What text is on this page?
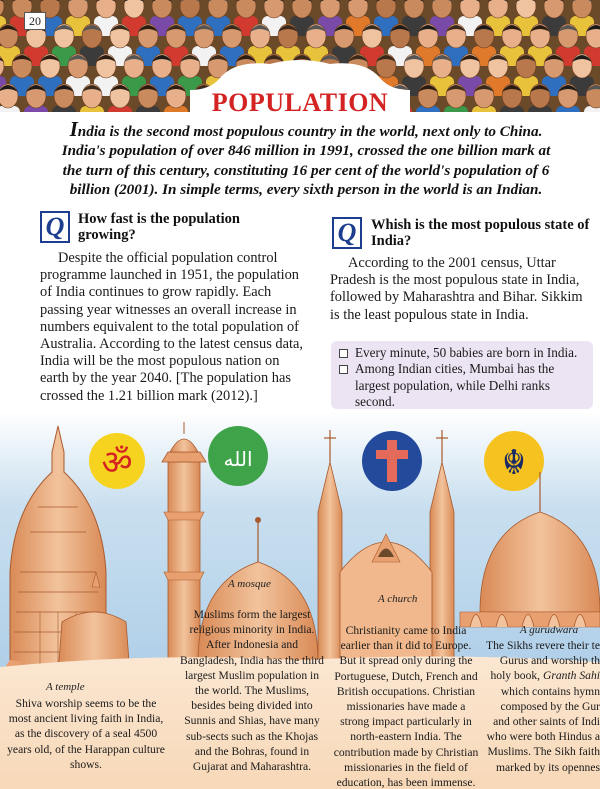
20
POPULATION
India is the second most populous country in the world, next only to China. India's population of over 846 million in 1991, crossed the one billion mark at the turn of this century, constituting 16 per cent of the world's population of 6 billion (2001). In simple terms, every sixth person in the world is an Indian.
Q How fast is the population growing?

Despite the official population control programme launched in 1951, the population of India continues to grow rapidly. Each passing year witnesses an overall increase in numbers equivalent to the total population of Australia. According to the latest census data, India will be the most populous nation on earth by the year 2040. [The population has crossed the 1.21 billion mark (2012).]

Q	Whish is the most populous state of India?

According to the 2001 census, Uttar Pradesh is the most populous state in India, followed by Maharashtra and Bihar. Sikkim is the least populous state in India.

Every minute, 50 babies are born in India.
Among Indian cities, Mumbai has the largest population, while Delhi ranks second.
ॐ	الله	☬
A temple
A mosque
A church
A gurudwara
Shiva worship seems to be the most ancient living faith in India, as the discovery of a seal 4500 years old, of the Harappan culture shows.
Muslims form the largest religious minority in India. After Indonesia and Bangladesh, India has the third largest Muslim population in the world. The Muslims, besides being divided into Sunnis and Shias, have many sub-sects such as the Khojas and the Bohras, found in Gujarat and Maharashtra.
Christianity came to India earlier than it did to Europe. But it spread only during the Portuguese, Dutch, French and British occupations. Christian missionaries have made a strong impact particularly in north-eastern India. The contribution made by Christian missionaries in the field of education, has been immense.
The Sikhs revere their te Gurus and worship th holy book, Granth Sahi which contains hymn composed by the Gur and other saints of Indi who were both Hindus a Muslims. The Sikh faith marked by its opennes
